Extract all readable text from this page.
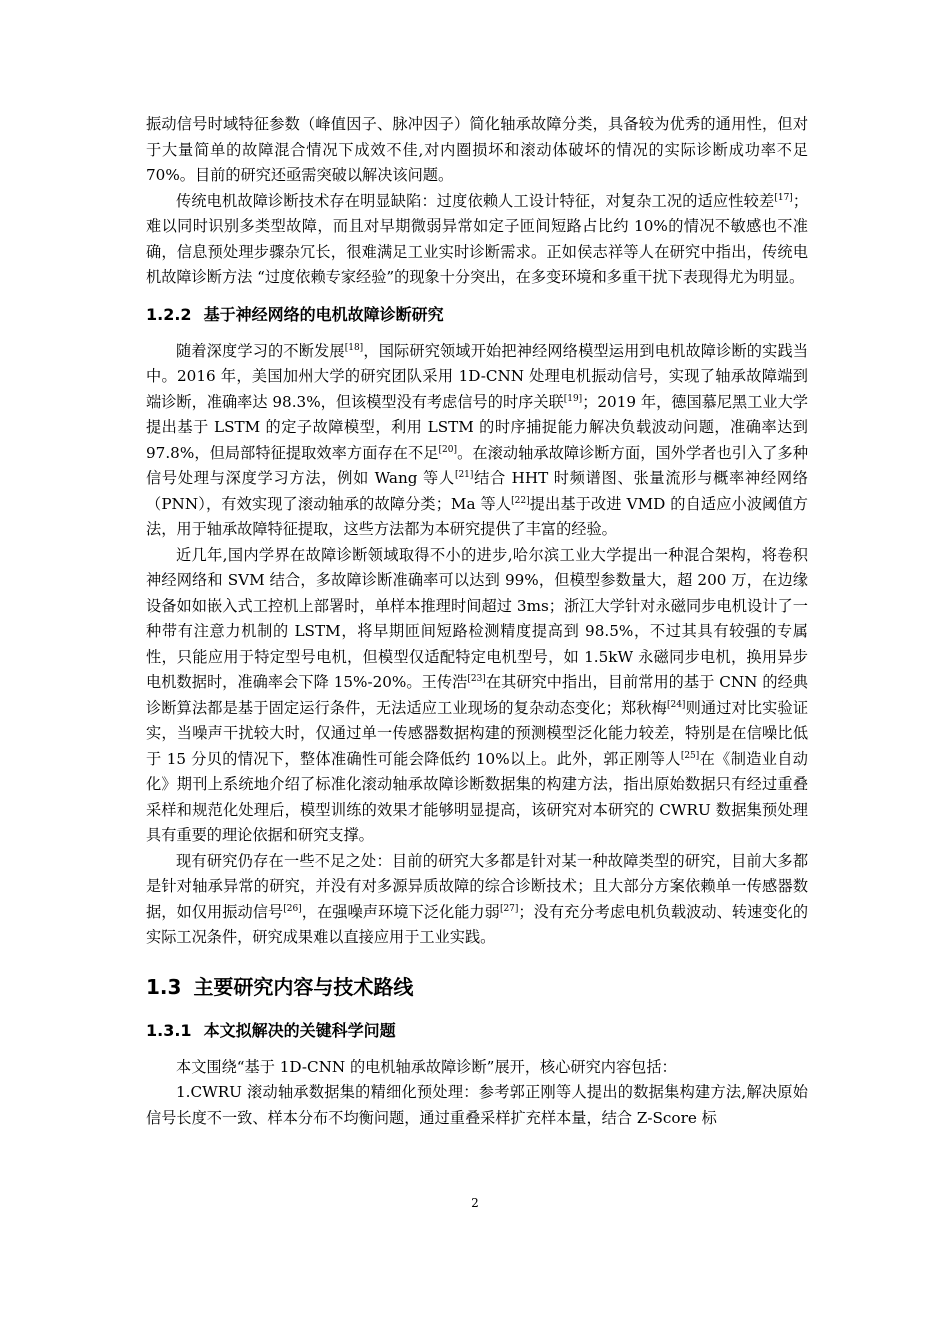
振动信号时域特征参数（峰值因子、脉冲因子）简化轴承故障分类，具备较为优秀的通用性，但对于大量简单的故障混合情况下成效不佳,对内圈损坏和滚动体破坏的情况的实际诊断成功率不足 70%。目前的研究还亟需突破以解决该问题。

传统电机故障诊断技术存在明显缺陷：过度依赖人工设计特征，对复杂工况的适应性较差[17]；难以同时识别多类型故障，而且对早期微弱异常如定子匝间短路占比约 10%的情况不敏感也不准确，信息预处理步骤杂冗长，很难满足工业实时诊断需求。正如侯志祥等人在研究中指出，传统电机故障诊断方法 “过度依赖专家经验”的现象十分突出，在多变环境和多重干扰下表现得尤为明显。

1.2.2 基于神经网络的电机故障诊断研究

随着深度学习的不断发展[18]，国际研究领域开始把神经网络模型运用到电机故障诊断的实践当中。2016 年，美国加州大学的研究团队采用 1D-CNN 处理电机振动信号，实现了轴承故障端到端诊断，准确率达 98.3%，但该模型没有考虑信号的时序关联[19]；2019 年，德国慕尼黑工业大学提出基于 LSTM 的定子故障模型，利用 LSTM 的时序捕捉能力解决负载波动问题，准确率达到 97.8%，但局部特征提取效率方面存在不足[20]。在滚动轴承故障诊断方面，国外学者也引入了多种信号处理与深度学习方法，例如 Wang 等人[21]结合 HHT 时频谱图、张量流形与概率神经网络（PNN），有效实现了滚动轴承的故障分类；Ma 等人[22]提出基于改进 VMD 的自适应小波阈值方法，用于轴承故障特征提取，这些方法都为本研究提供了丰富的经验。

近几年,国内学界在故障诊断领域取得不小的进步,哈尔滨工业大学提出一种混合架构，将卷积神经网络和 SVM 结合，多故障诊断准确率可以达到 99%，但模型参数量大，超 200 万，在边缘设备如如嵌入式工控机上部署时，单样本推理时间超过 3ms；浙江大学针对永磁同步电机设计了一种带有注意力机制的 LSTM，将早期匝间短路检测精度提高到 98.5%，不过其具有较强的专属性，只能应用于特定型号电机，但模型仅适配特定电机型号，如 1.5kW 永磁同步电机，换用异步电机数据时，准确率会下降 15%-20%。王传浩[23]在其研究中指出，目前常用的基于 CNN 的经典诊断算法都是基于固定运行条件，无法适应工业现场的复杂动态变化；郑秋梅[24]则通过对比实验证实，当噪声干扰较大时，仅通过单一传感器数据构建的预测模型泛化能力较差，特别是在信噪比低于 15 分贝的情况下，整体准确性可能会降低约 10%以上。此外，郭正刚等人[25]在《制造业自动化》期刊上系统地介绍了标准化滚动轴承故障诊断数据集的构建方法，指出原始数据只有经过重叠采样和规范化处理后，模型训练的效果才能够明显提高，该研究对本研究的 CWRU 数据集预处理具有重要的理论依据和研究支撑。

现有研究仍存在一些不足之处：目前的研究大多都是针对某一种故障类型的研究，目前大多都是针对轴承异常的研究，并没有对多源异质故障的综合诊断技术；且大部分方案依赖单一传感器数据，如仅用振动信号[26]，在强噪声环境下泛化能力弱[27]；没有充分考虑电机负载波动、转速变化的实际工况条件，研究成果难以直接应用于工业实践。

1.3 主要研究内容与技术路线
1.3.1 本文拟解决的关键科学问题

本文围绕“基于 1D-CNN 的电机轴承故障诊断”展开，核心研究内容包括：

1.CWRU 滚动轴承数据集的精细化预处理：参考郭正刚等人提出的数据集构建方法,解决原始信号长度不一致、样本分布不均衡问题，通过重叠采样扩充样本量，结合 Z-Score 标

2
